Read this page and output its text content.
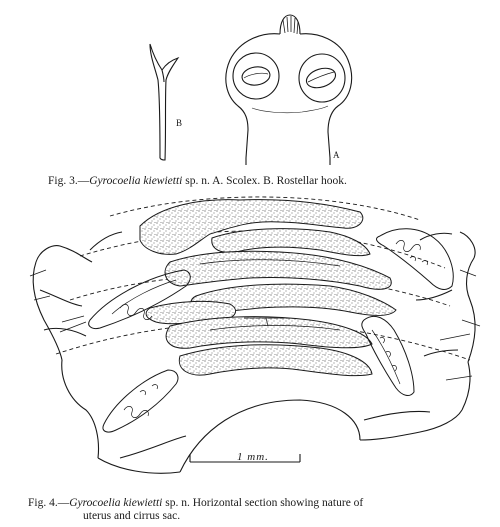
B
A
Fig. 3.—Gyrocoelia kiewietti sp. n. A. Scolex. B. Rostellar hook.
1 mm.
Fig. 4.—Gyrocoelia kiewietti sp. n. Horizontal section showing nature of
uterus and cirrus sac.
